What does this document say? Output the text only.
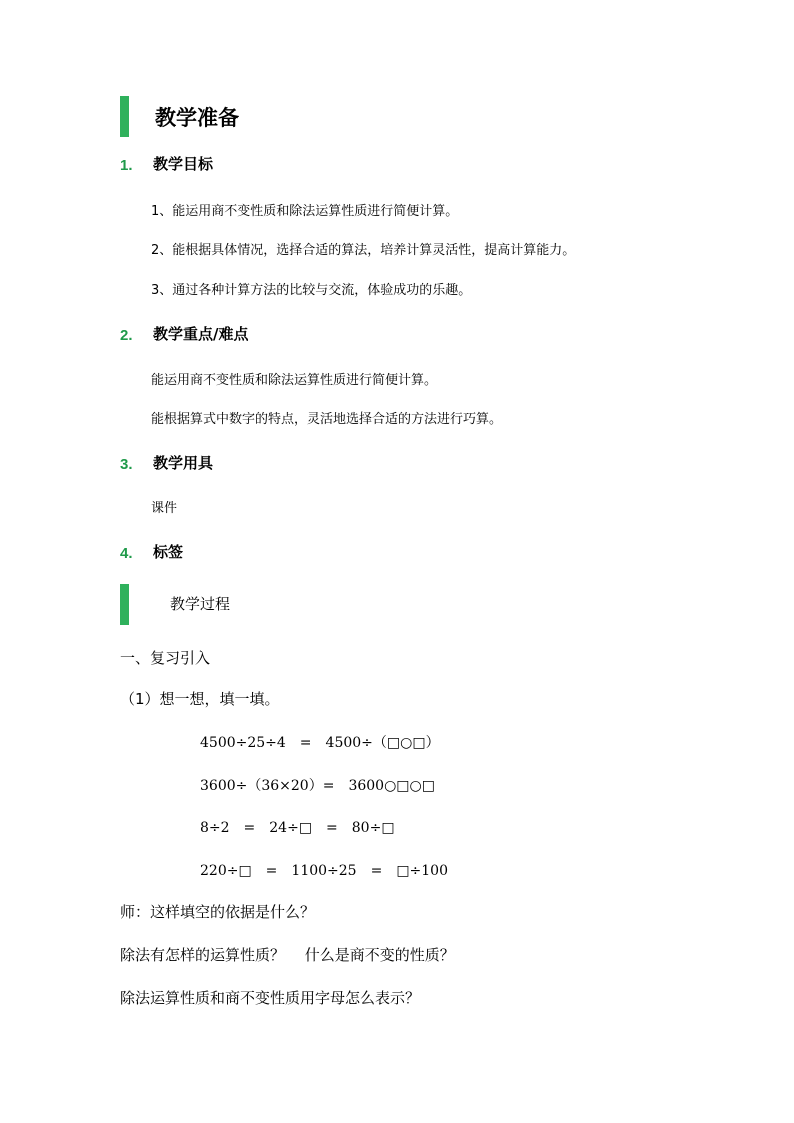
教学准备
1. 教学目标
1、能运用商不变性质和除法运算性质进行简便计算。
2、能根据具体情况，选择合适的算法，培养计算灵活性，提高计算能力。
3、通过各种计算方法的比较与交流，体验成功的乐趣。
2. 教学重点/难点
能运用商不变性质和除法运算性质进行简便计算。
能根据算式中数字的特点，灵活地选择合适的方法进行巧算。
3. 教学用具
课件
4. 标签
教学过程
一、复习引入
（1）想一想，填一填。
4500÷25÷4　=　4500÷（□○□）
3600÷（36×20）=　3600○□○□
8÷2　=　24÷□　=　80÷□
220÷□　=　1100÷25　=　□÷100
师：这样填空的依据是什么？
除法有怎样的运算性质？　 什么是商不变的性质？
除法运算性质和商不变性质用字母怎么表示？
